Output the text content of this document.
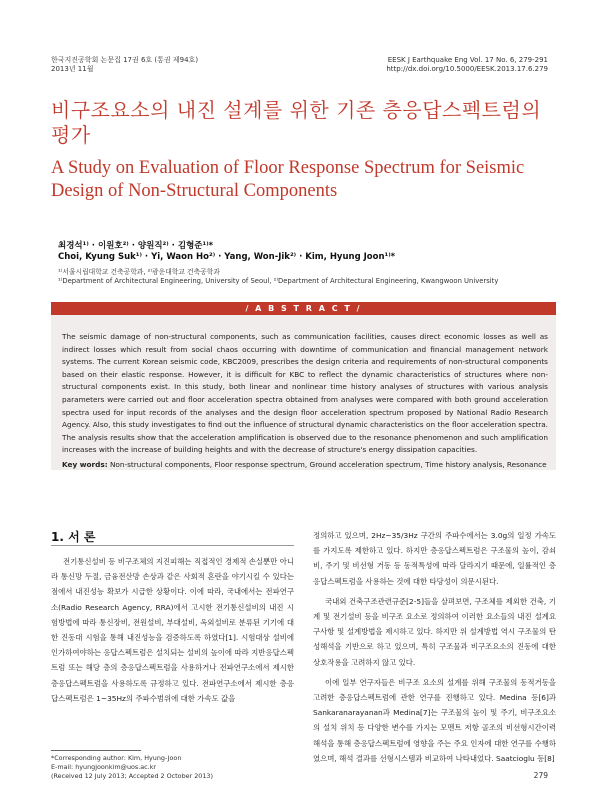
한국지진공학회 논문집 17권 6호 (통권 제94호)
2013년 11월
EESK J Earthquake Eng Vol. 17 No. 6, 279-291
http://dx.doi.org/10.5000/EESK.2013.17.6.279
비구조요소의 내진 설계를 위한 기존 층응답스펙트럼의 평가
A Study on Evaluation of Floor Response Spectrum for Seismic Design of Non-Structural Components
최경석¹⁾ · 이원호²⁾ · 양원직²⁾ · 김형준¹⁾*
Choi, Kyung Suk¹⁾ · Yi, Waon Ho²⁾ · Yang, Won-Jik²⁾ · Kim, Hyung Joon¹⁾*
¹⁾서울시립대학교 건축공학과, ²⁾광운대학교 건축공학과
¹⁾Department of Architectural Engineering, University of Seoul, ²⁾Department of Architectural Engineering, Kwangwoon University
/ A B S T R A C T /
The seismic damage of non-structural components, such as communication facilities, causes direct economic losses as well as indirect losses which result from social chaos occurring with downtime of communication and financial management network systems. The current Korean seismic code, KBC2009, prescribes the design criteria and requirements of non-structural components based on their elastic response. However, it is difficult for KBC to reflect the dynamic characteristics of structures where non-structural components exist. In this study, both linear and nonlinear time history analyses of structures with various analysis parameters were carried out and floor acceleration spectra obtained from analyses were compared with both ground acceleration spectra used for input records of the analyses and the design floor acceleration spectrum proposed by National Radio Research Agency. Also, this study investigates to find out the influence of structural dynamic characteristics on the floor acceleration spectra. The analysis results show that the acceleration amplification is observed due to the resonance phenomenon and such amplification increases with the increase of building heights and with the decrease of structure's energy dissipation capacities.
Key words: Non-structural components, Floor response spectrum, Ground acceleration spectrum, Time history analysis, Resonance
1. 서 론

전기통신설비 등 비구조체의 지진피해는 직접적인 경제적 손실뿐만 아니라 통신망 두절, 금융전산망 손상과 같은 사회적 혼란을 야기시킬 수 있다는 점에서 내진성능 확보가 시급한 상황이다. 이에 따라, 국내에서는 전파연구소(Radio Research Agency, RRA)에서 고시한 전기통신설비의 내진 시험방법에 따라 통신장비, 전원설비, 부대설비, 옥외설비로 분류된 기기에 대한 진동대 시험을 통해 내진성능을 검증하도록 하였다[1]. 시험대상 설비에 인가하여야하는 응답스펙트럼은 설치되는 설비의 높이에 따라 지반응답스펙트럼 또는 해당 층의 층응답스펙트럼을 사용하거나 전파연구소에서 제시한 층응답스펙트럼을 사용하도록 규정하고 있다. 전파연구소에서 제시한 층응답스펙트럼은 1~35Hz의 주파수범위에 대한 가속도 값을

정의하고 있으며, 2Hz~35/3Hz 구간의 주파수에서는 3.0g의 일정 가속도를 가지도록 제한하고 있다. 하지만 층응답스펙트럼은 구조물의 높이, 감쇠비, 주기 및 비선형 거동 등 동적특성에 따라 달라지기 때문에, 일률적인 층응답스펙트럼을 사용하는 것에 대한 타당성이 의문시된다.

국내외 건축구조관련규준[2-5]들을 살펴보면, 구조체를 제외한 건축, 기계 및 전기설비 등을 비구조 요소로 정의하여 이러한 요소들의 내진 설계요구사항 및 설계방법을 제시하고 있다. 하지만 위 설계방법 역시 구조물의 탄성해석을 기반으로 하고 있으며, 특히 구조물과 비구조요소의 진동에 대한 상호작용을 고려하지 않고 있다.

이에 일부 연구자들은 비구조 요소의 설계를 위해 구조물의 동적거동을 고려한 층응답스펙트럼에 관한 연구를 진행하고 있다. Medina 등[6]과 Sankaranarayanan과 Medina[7]는 구조물의 높이 및 주기, 비구조요소의 설치 위치 등 다양한 변수를 가지는 모멘트 저항 골조의 비선형시간이력해석을 통해 층응답스펙트럼에 영향을 주는 주요 인자에 대한 연구를 수행하였으며, 해석 결과를 선형시스템과 비교하여 나타내었다. Saatcioglu 등[8]

*Corresponding author: Kim, Hyung-Joon
E-mail: hyungjoonkim@uos.ac.kr
(Received 12 July 2013; Accepted 2 October 2013)	279
